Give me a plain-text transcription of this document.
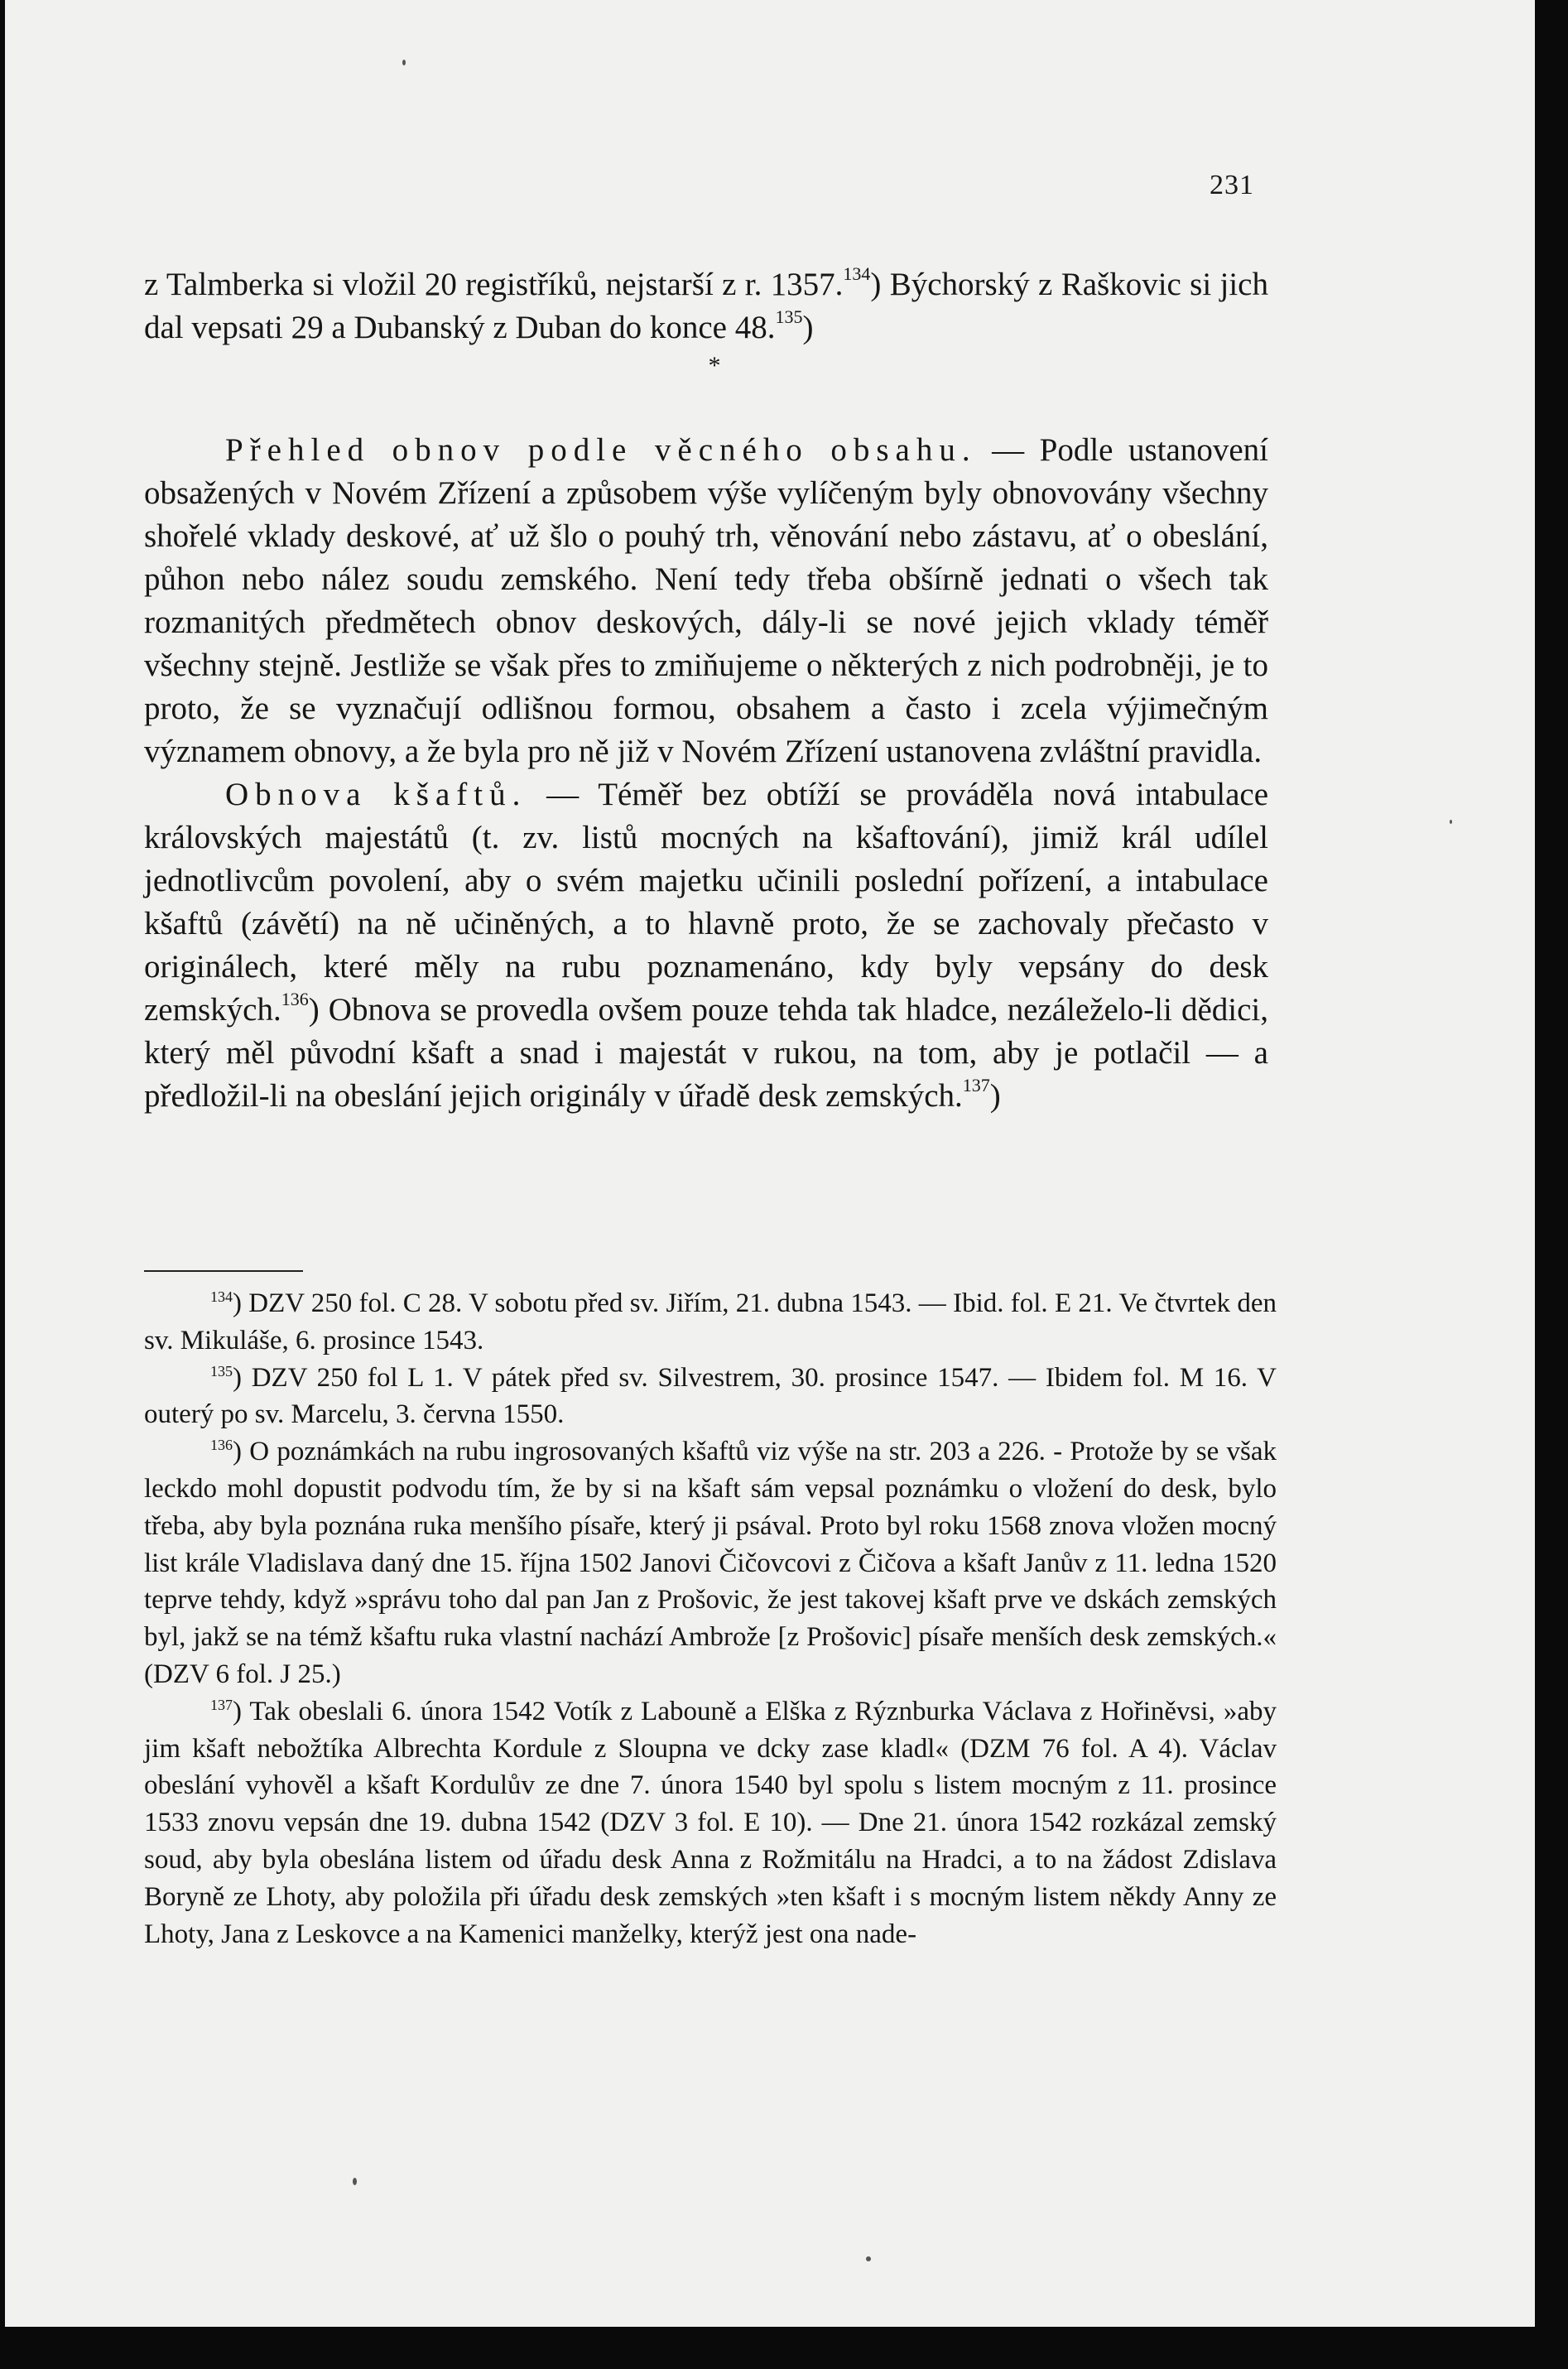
231

z Talmberka si vložil 20 registříků, nejstarší z r. 1357.$^{134}$) Býchorský z Raškovic si jich dal vepsati 29 a Dubanský z Duban do konce 48.$^{135}$)

*

Přehled obnov podle věcného obsahu. — Podle ustanovení obsažených v Novém Zřízení a způsobem výše vylíčeným byly obnovovány všechny shořelé vklady deskové, ať už šlo o pouhý trh, věnování nebo zástavu, ať o obeslání, půhon nebo nález soudu zemského. Není tedy třeba obšírně jednati o všech tak rozmanitých předmětech obnov deskových, dály-li se nové jejich vklady téměř všechny stejně. Jestliže se však přes to zmiňujeme o některých z nich podrobněji, je to proto, že se vyznačují odlišnou formou, obsahem a často i zcela výjimečným významem obnovy, a že byla pro ně již v Novém Zřízení ustanovena zvláštní pravidla.

Obnova kšaftů. — Téměř bez obtíží se prováděla nová intabulace královských majestátů (t. zv. listů mocných na kšaftování), jimiž král udílel jednotlivcům povolení, aby o svém majetku učinili poslední pořízení, a intabulace kšaftů (závětí) na ně učiněných, a to hlavně proto, že se zachovaly přečasto v originálech, které měly na rubu poznamenáno, kdy byly vepsány do desk zemských.$^{136}$) Obnova se provedla ovšem pouze tehda tak hladce, nezáleželo-li dědici, který měl původní kšaft a snad i majestát v rukou, na tom, aby je potlačil — a předložil-li na obeslání jejich originály v úřadě desk zemských.$^{137}$)

$^{134}$) DZV 250 fol. C 28. V sobotu před sv. Jiřím, 21. dubna 1543. — Ibid. fol. E 21. Ve čtvrtek den sv. Mikuláše, 6. prosince 1543.

$^{135}$) DZV 250 fol L 1. V pátek před sv. Silvestrem, 30. prosince 1547. — Ibidem fol. M 16. V outerý po sv. Marcelu, 3. června 1550.

$^{136}$) O poznámkách na rubu ingrosovaných kšaftů viz výše na str. 203 a 226. - Protože by se však leckdo mohl dopustit podvodu tím, že by si na kšaft sám vepsal poznámku o vložení do desk, bylo třeba, aby byla poznána ruka menšího písaře, který ji psával. Proto byl roku 1568 znova vložen mocný list krále Vladislava daný dne 15. října 1502 Janovi Čičovcovi z Čičova a kšaft Janův z 11. ledna 1520 teprve tehdy, když »správu toho dal pan Jan z Prošovic, že jest takovej kšaft prve ve dskách zemských byl, jakž se na témž kšaftu ruka vlastní nachází Ambrože [z Prošovic] písaře menších desk zemských.« (DZV 6 fol. J 25.)

$^{137}$) Tak obeslali 6. února 1542 Votík z Labouně a Elška z Rýznburka Václava z Hořiněvsi, »aby jim kšaft nebožtíka Albrechta Kordule z Sloupna ve dcky zase kladl« (DZM 76 fol. A 4). Václav obeslání vyhověl a kšaft Kordulův ze dne 7. února 1540 byl spolu s listem mocným z 11. prosince 1533 znovu vepsán dne 19. dubna 1542 (DZV 3 fol. E 10). — Dne 21. února 1542 rozkázal zemský soud, aby byla obeslána listem od úřadu desk Anna z Rožmitálu na Hradci, a to na žádost Zdislava Boryně ze Lhoty, aby položila při úřadu desk zemských »ten kšaft i s mocným listem někdy Anny ze Lhoty, Jana z Leskovce a na Kamenici manželky, kterýž jest ona nade-
